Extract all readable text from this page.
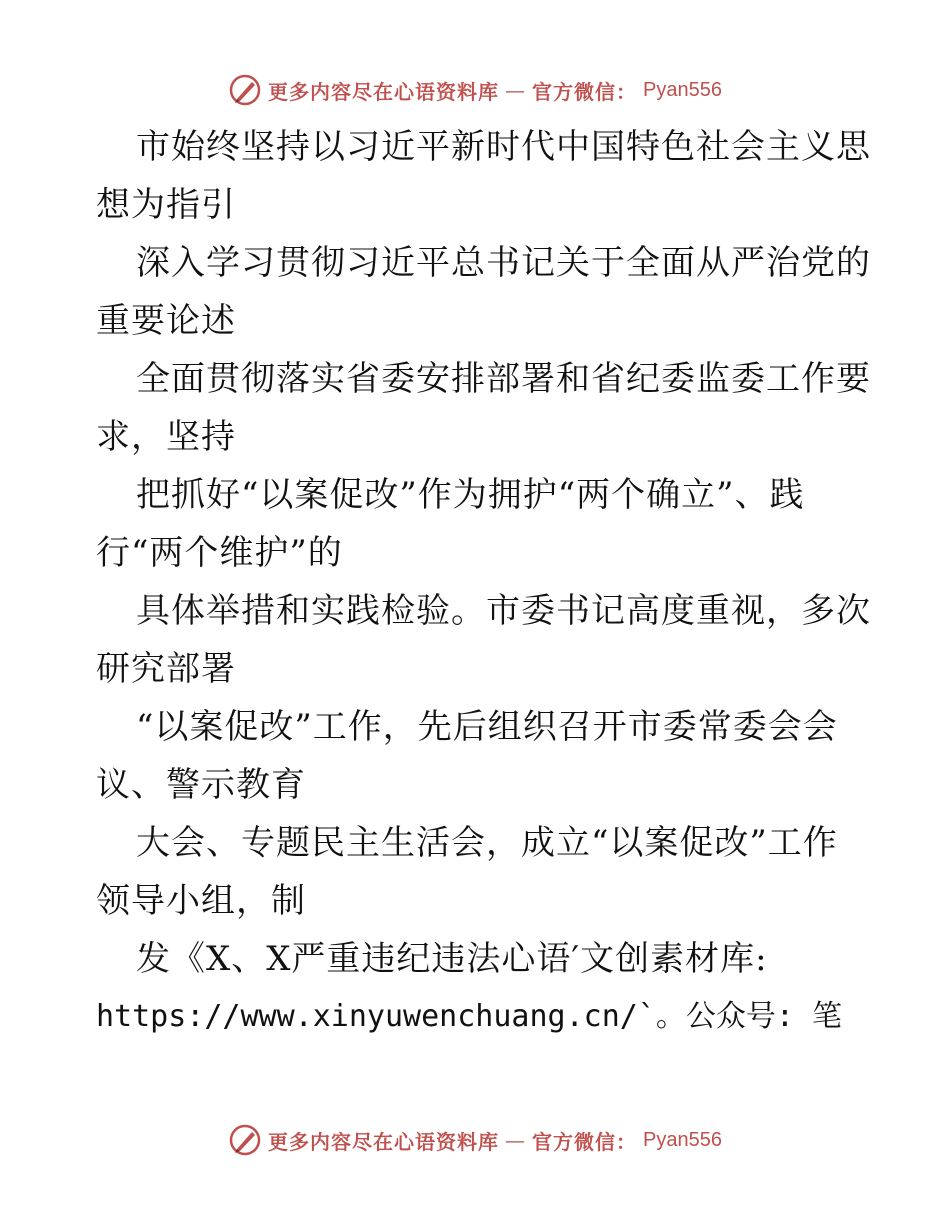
更多内容尽在心语资料库 — 官方微信： Pyan556
市始终坚持以习近平新时代中国特色社会主义思
想为指引
深入学习贯彻习近平总书记关于全面从严治党的
重要论述
全面贯彻落实省委安排部署和省纪委监委工作要
求，坚持
把抓好“以案促改”作为拥护“两个确立”、践
行“两个维护”的
具体举措和实践检验。市委书记高度重视，多次
研究部署
“以案促改”工作，先后组织召开市委常委会会
议、警示教育
大会、专题民主生活会，成立“以案促改”工作
领导小组，制
发《X、X严重违纪违法心语′文创素材库:
https://www.xinyuwenchuang.cn/`。公众号: 笔
更多内容尽在心语资料库 — 官方微信： Pyan556
